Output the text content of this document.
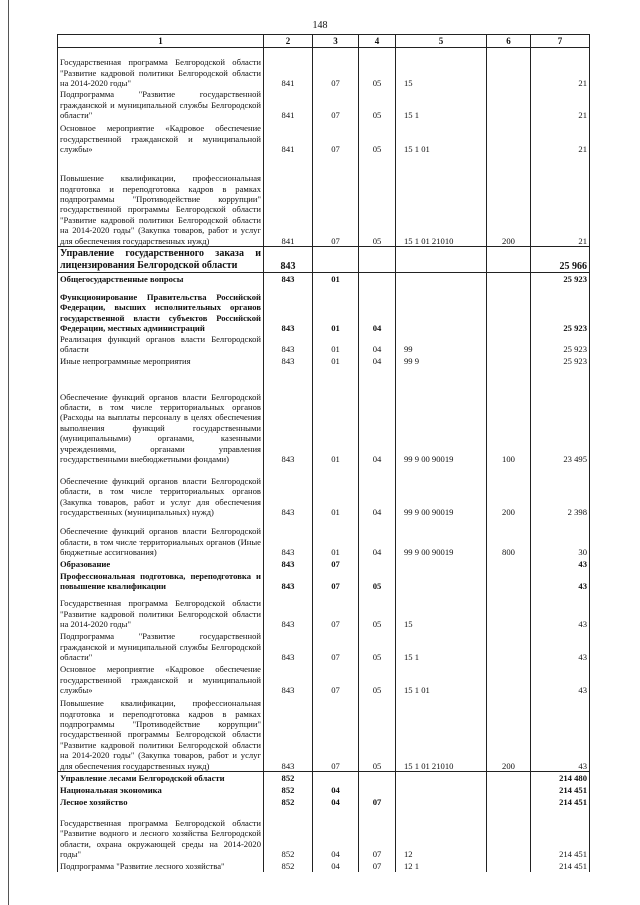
148
1	2	3	4	5	6	7
Государственная программа Белгородской области "Развитие кадровой политики Белгородской области на 2014-2020 годы"	841	07	05	15		21
Подпрограмма "Развитие государственной гражданской и муниципальной службы Белгородской области"	841	07	05	15 1		21
Основное мероприятие «Кадровое обеспечение государственной гражданской и муниципальной службы»	841	07	05	15 1 01		21
Повышение квалификации, профессиональная подготовка и переподготовка кадров в рамках подпрограммы "Противодействие коррупции" государственной программы Белгородской области "Развитие кадровой политики Белгородской области на 2014-2020 годы" (Закупка товаров, работ и услуг для обеспечения государственных нужд)	841	07	05	15 1 01 21010	200	21
Управление государственного заказа и лицензирования Белгородской области	843					25 966
Общегосударственные вопросы	843	01				25 923
Функционирование Правительства Российской Федерации, высших исполнительных органов государственной власти субъектов Российской Федерации, местных администраций	843	01	04			25 923
Реализация функций органов власти Белгородской области	843	01	04	99		25 923
Иные непрограммные мероприятия	843	01	04	99 9		25 923
Обеспечение функций органов власти Белгородской области, в том числе территориальных органов (Расходы на выплаты персоналу в целях обеспечения выполнения функций государственными (муниципальными) органами, казенными учреждениями, органами управления государственными внебюджетными фондами)	843	01	04	99 9 00 90019	100	23 495
Обеспечение функций органов власти Белгородской области, в том числе территориальных органов (Закупка товаров, работ и услуг для обеспечения государственных (муниципальных) нужд)	843	01	04	99 9 00 90019	200	2 398
Обеспечение функций органов власти Белгородской области, в том числе территориальных органов (Иные бюджетные ассигнования)	843	01	04	99 9 00 90019	800	30
Образование	843	07				43
Профессиональная подготовка, переподготовка и повышение квалификации	843	07	05			43
Государственная программа Белгородской области "Развитие кадровой политики Белгородской области на 2014-2020 годы"	843	07	05	15		43
Подпрограмма "Развитие государственной гражданской и муниципальной службы Белгородской области"	843	07	05	15 1		43
Основное мероприятие «Кадровое обеспечение государственной гражданской и муниципальной службы»	843	07	05	15 1 01		43
Повышение квалификации, профессиональная подготовка и переподготовка кадров в рамках подпрограммы "Противодействие коррупции" государственной программы Белгородской области "Развитие кадровой политики Белгородской области на 2014-2020 годы" (Закупка товаров, работ и услуг для обеспечения государственных нужд)	843	07	05	15 1 01 21010	200	43
Управление лесами Белгородской области	852					214 480
Национальная экономика	852	04				214 451
Лесное хозяйство	852	04	07			214 451
Государственная программа Белгородской области "Развитие водного и лесного хозяйства Белгородской области, охрана окружающей среды на 2014-2020 годы"	852	04	07	12		214 451
Подпрограмма "Развитие лесного хозяйства"	852	04	07	12 1		214 451
